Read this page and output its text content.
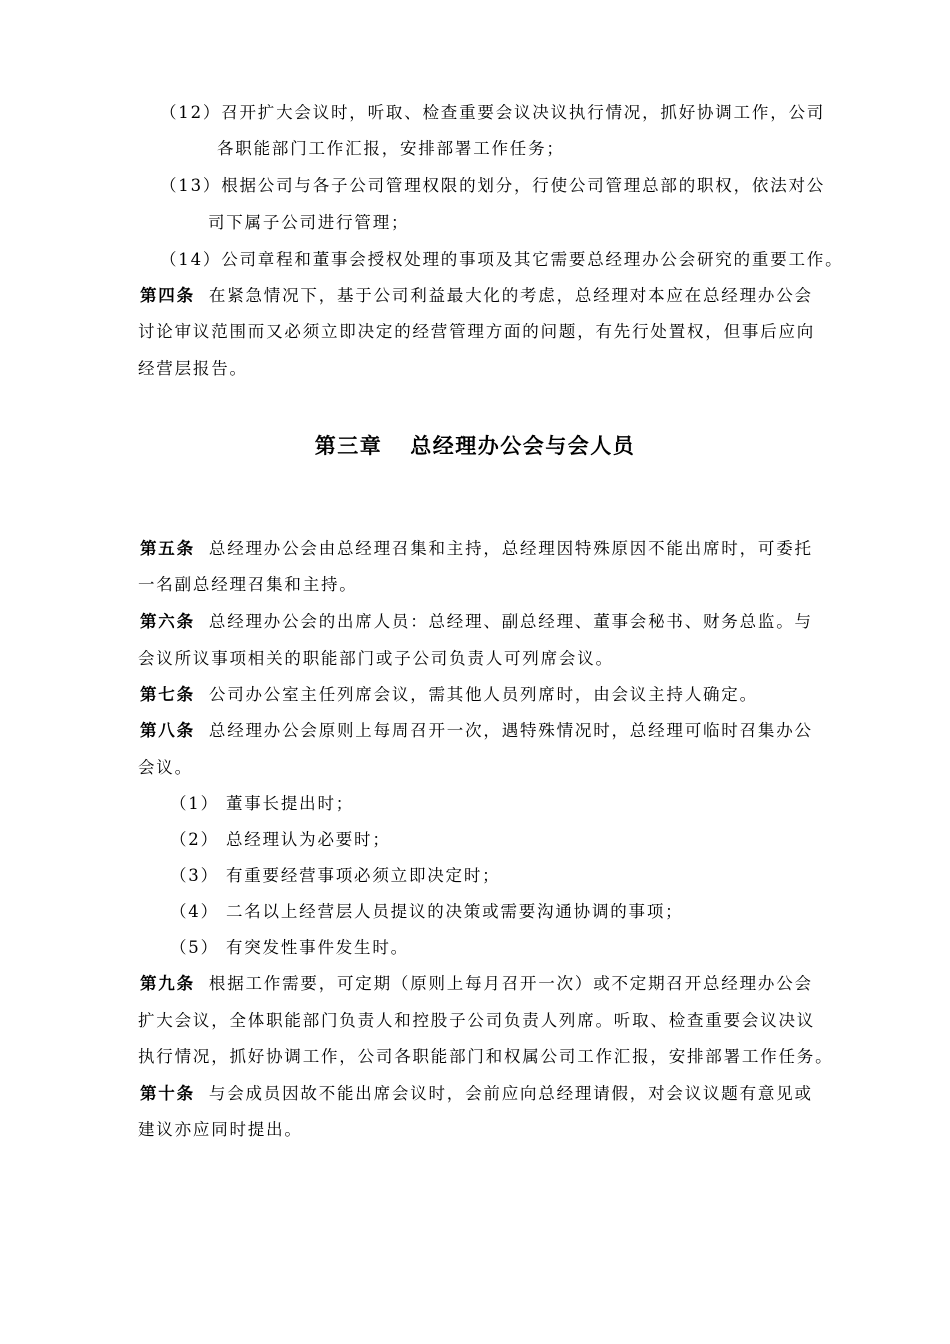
（12）召开扩大会议时，听取、检查重要会议决议执行情况，抓好协调工作，公司
各职能部门工作汇报，安排部署工作任务；
（13）根据公司与各子公司管理权限的划分，行使公司管理总部的职权，依法对公
司下属子公司进行管理；
（14）公司章程和董事会授权处理的事项及其它需要总经理办公会研究的重要工作。
第四条 在紧急情况下，基于公司利益最大化的考虑，总经理对本应在总经理办公会
讨论审议范围而又必须立即决定的经营管理方面的问题，有先行处置权，但事后应向
经营层报告。
第三章 总经理办公会与会人员
第五条 总经理办公会由总经理召集和主持，总经理因特殊原因不能出席时，可委托
一名副总经理召集和主持。
第六条 总经理办公会的出席人员：总经理、副总经理、董事会秘书、财务总监。与
会议所议事项相关的职能部门或子公司负责人可列席会议。
第七条 公司办公室主任列席会议，需其他人员列席时，由会议主持人确定。
第八条 总经理办公会原则上每周召开一次，遇特殊情况时，总经理可临时召集办公
会议。
（1） 董事长提出时；
（2） 总经理认为必要时；
（3） 有重要经营事项必须立即决定时；
（4） 二名以上经营层人员提议的决策或需要沟通协调的事项；
（5） 有突发性事件发生时。
第九条 根据工作需要，可定期（原则上每月召开一次）或不定期召开总经理办公会
扩大会议，全体职能部门负责人和控股子公司负责人列席。听取、检查重要会议决议
执行情况，抓好协调工作，公司各职能部门和权属公司工作汇报，安排部署工作任务。
第十条 与会成员因故不能出席会议时，会前应向总经理请假，对会议议题有意见或
建议亦应同时提出。
